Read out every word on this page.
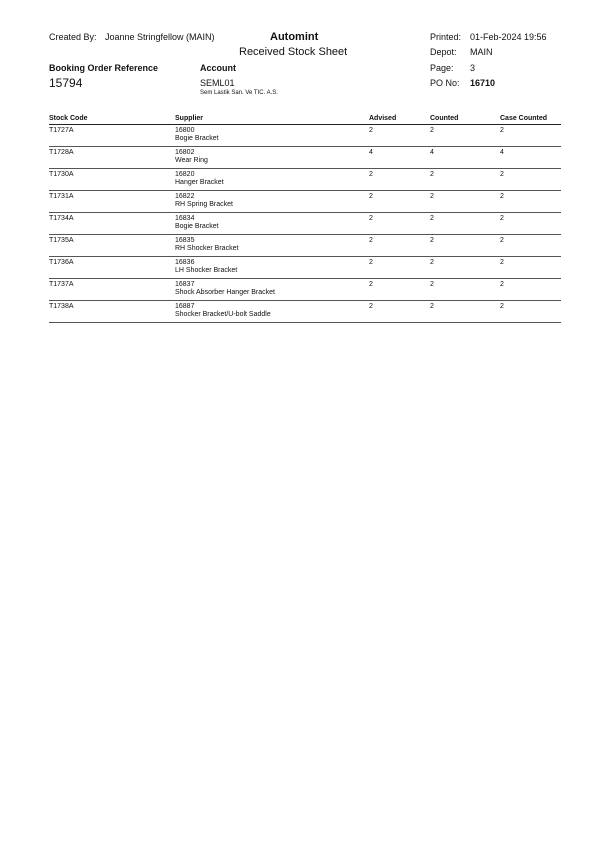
Created By: Joanne Stringfellow (MAIN)	Automint
Received Stock Sheet
Printed: 01-Feb-2024 19:56
Depot: MAIN
Page: 3
PO No: 16710
Booking Order Reference
15794
Account
SEML01
Sem Lastik San. Ve TIC. A.S.
Stock Code	Supplier	Advised	Counted	Case Counted
T1727A	16800
Bogie Bracket
2	2	2
T1728A	16802
Wear Ring
4	4	4
T1730A	16820
Hanger Bracket
2	2	2
T1731A	16822
RH Spring Bracket
2	2	2
T1734A	16834
Bogie Bracket
2	2	2
T1735A	16835
RH Shocker Bracket
2	2	2
T1736A	16836
LH Shocker Bracket
2	2	2
T1737A	16837
Shock Absorber Hanger Bracket
2	2	2
T1738A	16887
Shocker Bracket/U-bolt Saddle
2	2	2
